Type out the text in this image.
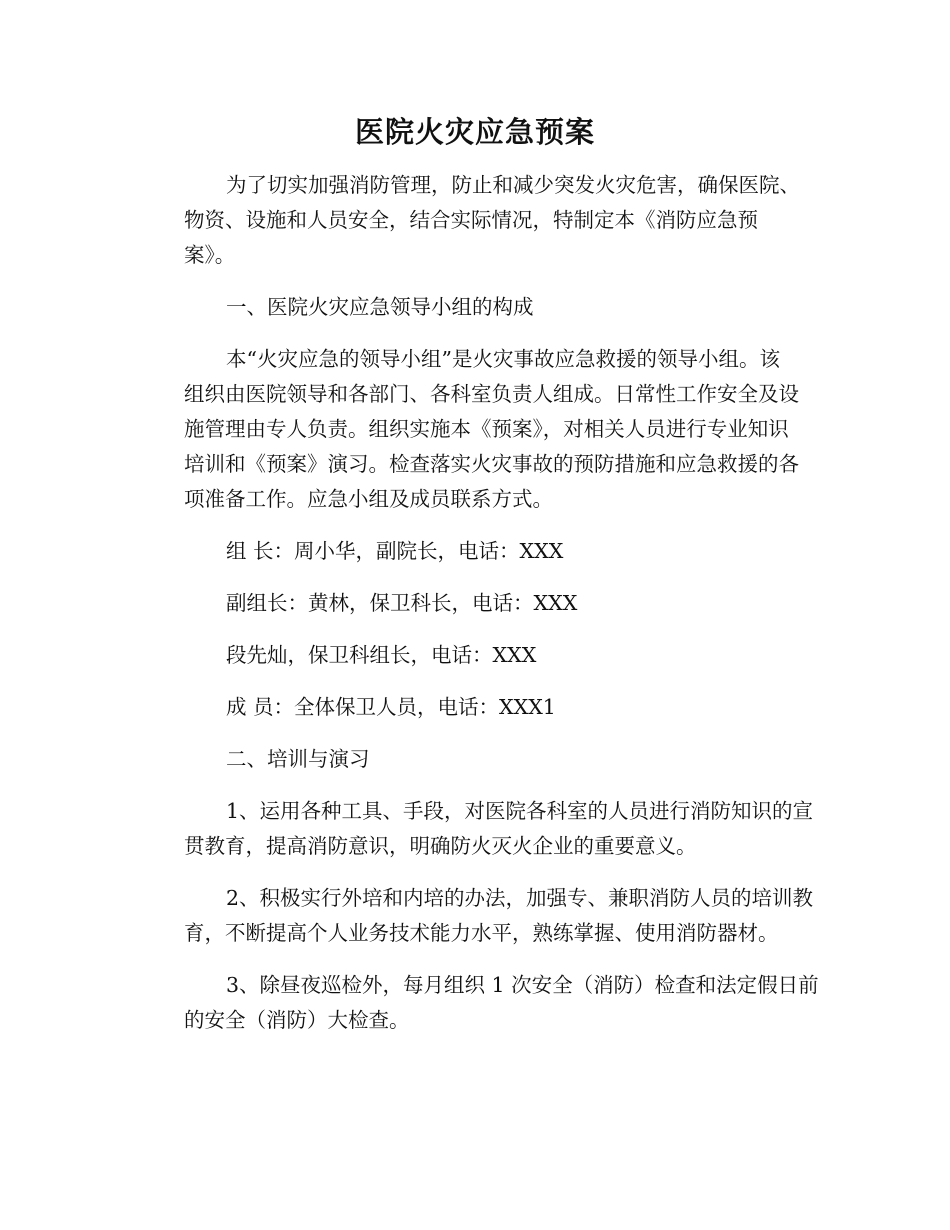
医院火灾应急预案
为了切实加强消防管理，防止和减少突发火灾危害，确保医院、
物资、设施和人员安全，结合实际情况，特制定本《消防应急预
案》。
一、医院火灾应急领导小组的构成
本“火灾应急的领导小组”是火灾事故应急救援的领导小组。该
组织由医院领导和各部门、各科室负责人组成。日常性工作安全及设
施管理由专人负责。组织实施本《预案》，对相关人员进行专业知识
培训和《预案》演习。检查落实火灾事故的预防措施和应急救援的各
项准备工作。应急小组及成员联系方式。
组 长：周小华，副院长，电话：XXX
副组长：黄林，保卫科长，电话：XXX
段先灿，保卫科组长，电话：XXX
成 员：全体保卫人员，电话：XXX1
二、培训与演习
1、运用各种工具、手段，对医院各科室的人员进行消防知识的宣
贯教育，提高消防意识，明确防火灭火企业的重要意义。
2、积极实行外培和内培的办法，加强专、兼职消防人员的培训教
育，不断提高个人业务技术能力水平，熟练掌握、使用消防器材。
3、除昼夜巡检外，每月组织 1 次安全（消防）检查和法定假日前
的安全（消防）大检查。
